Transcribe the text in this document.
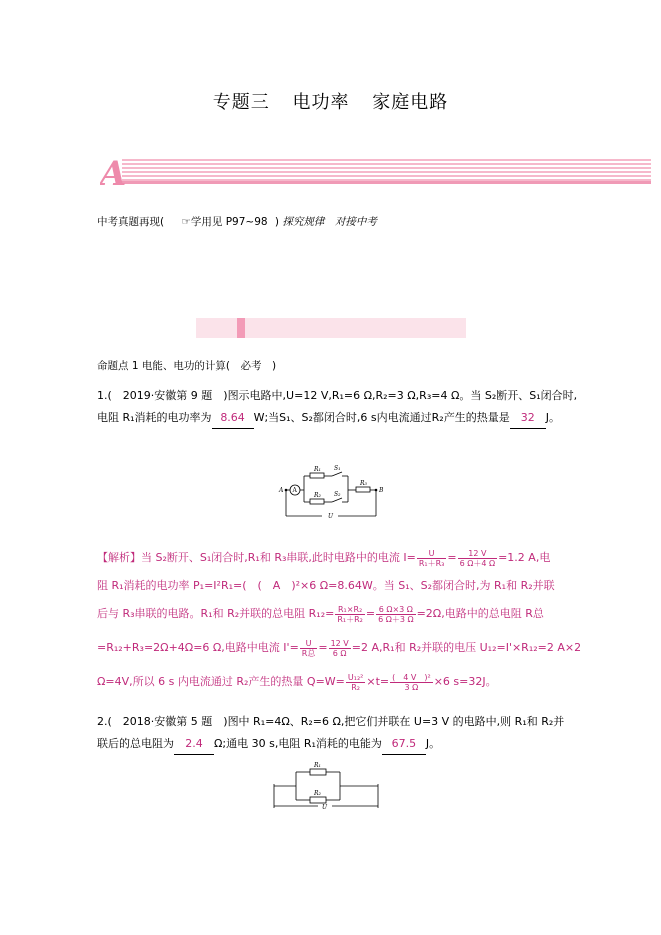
专题三 电功率 家庭电路
A
中考真题再现( ☞学用见 P97~98 ) 探究规律　对接中考
命题点 1 电能、电功的计算(　必考　)
1.(　2019·安徽第 9 题　)图示电路中,U=12 V,R₁=6 Ω,R₂=3 Ω,R₃=4 Ω。当 S₂断开、S₁闭合时,
电阻 R₁消耗的电功率为 8.64 W;当S₁、S₂都闭合时,6 s内电流通过R₂产生的热量是 32 J。
A
R₁
R₂
R₃
S₁
S₂
A	B
U
【解析】当 S₂断开、S₁闭合时,R₁和 R₃串联,此时电路中的电流 $I= \frac{U}{\text{R₁＋R₃}} = \frac{12 V}{6 \Omega+4 \Omega} =1.2$ A,电
阻 R₁消耗的电功率 P₁=I²R₁=(　(　A　)²×6 Ω=8.64W。当 S₁、S₂都闭合时,为 R₁和 R₂并联
后与 R₃串联的电路。R₁和 R₂并联的总电阻 $R_{12}= \frac{\text{R₁×R₂}}{\text{R₁＋R₂}} = \frac{6 \Omega\times 3 \Omega}{6 \Omega+3 \Omega} =2\Omega$,电路中的总电阻 R总
=R₁₂+R₃=2Ω+4Ω=6 Ω,电路中电流 $I'= \frac{U}{\text{R总}} = \frac{12 V}{6 \Omega} =2$ A,R₁和 R₂并联的电压 U₁₂=I'×R₁₂=2 A×2
Ω=4V,所以 6 s 内电流通过 R₂产生的热量 $Q=W= \frac{\text{U₁₂²}}{\text{R₂}} \times t= \frac{\text{(　4 V　)²}}{3 \Omega} \times 6$ s=32J。
2.(　2018·安徽第 5 题　)图中 R₁=4Ω、R₂=6 Ω,把它们并联在 U=3 V 的电路中,则 R₁和 R₂并
联后的总电阻为 2.4 Ω;通电 30 s,电阻 R₁消耗的电能为 67.5 J。
R₁
R₂
U
